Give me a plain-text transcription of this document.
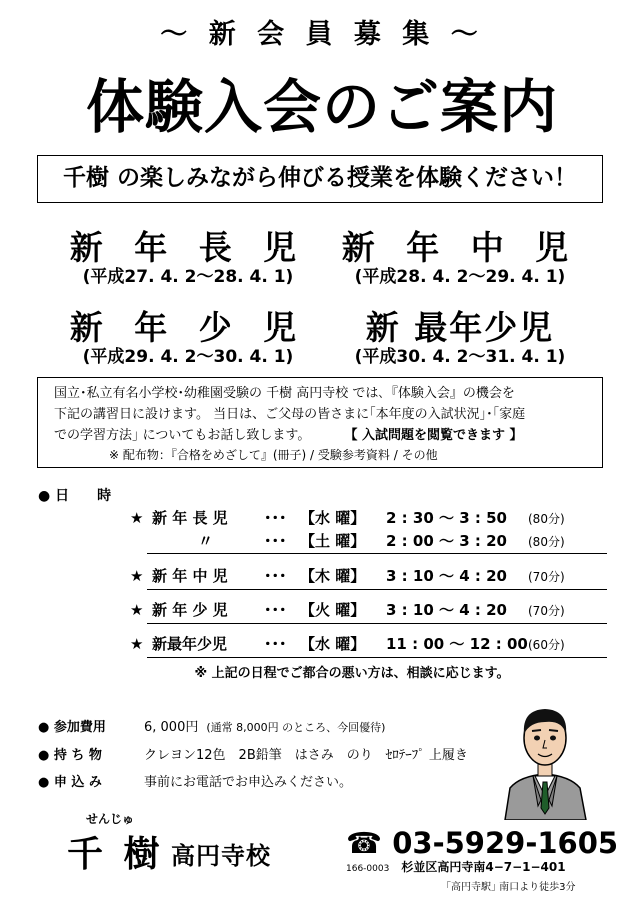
〜 新 会 員 募 集 〜
体験入会のご案内
千樹 の楽しみながら伸びる授業を体験ください！
新 年 長 児
(平成27. 4. 2〜28. 4. 1)
新 年 中 児
(平成28. 4. 2〜29. 4. 1)
新 年 少 児
(平成29. 4. 2〜30. 4. 1)
新 最年少児
(平成30. 4. 2〜31. 4. 1)
国立･私立有名小学校･幼稚園受験の 千樹 高円寺校 では､『体験入会』の機会を
下記の講習日に設けます。 当日は、ご父母の皆さまに｢本年度の入試状況｣･｢家庭
での学習方法｣ についてもお話し致します。	【 入試問題を閲覧できます 】
※ 配布物：『合格をめざして』(冊子) / 受験参考資料 / その他
● 日　　時
★ 新 年 長 児 ･･･ 【水 曜】 2 : 30 〜 3 : 50 (80分)
〃	･･･ 【土 曜】 2 : 00 〜 3 : 20 (80分)
★ 新 年 中 児 ･･･ 【木 曜】 3 : 10 〜 4 : 20 (70分)
★ 新 年 少 児 ･･･ 【火 曜】 3 : 10 〜 4 : 20 (70分)
★ 新最年少児 ･･･ 【水 曜】 11 : 00 〜 12 : 00(60分)
※ 上記の日程でご都合の悪い方は、相談に応じます。
● 参加費用	6, 000円 (通常 8,000円 のところ、今回優待)
● 持 ち 物	クレヨン12色　2B鉛筆　はさみ　のり　ｾﾛﾃｰﾌﾟ 上履き
● 申 込 み	事前にお電話でお申込みください。
せんじゅ
千 樹 高円寺校	☎ 03-5929-1605
166-0003 杉並区高円寺南4−7−1−401
｢高円寺駅｣ 南口より徒歩3分
